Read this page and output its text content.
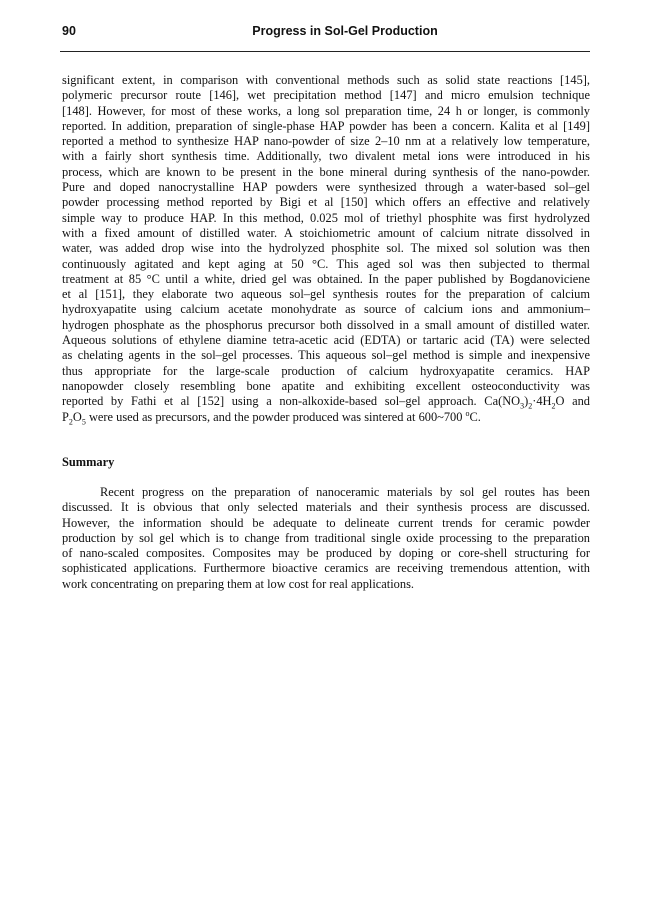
90	Progress in Sol-Gel Production
significant extent, in comparison with conventional methods such as solid state reactions [145],
polymeric precursor route [146], wet precipitation method [147] and micro emulsion technique
[148]. However, for most of these works, a long sol preparation time, 24 h or longer, is commonly
reported. In addition, preparation of single-phase HAP powder has been a concern. Kalita et al [149]
reported a method to synthesize HAP nano-powder of size 2–10 nm at a relatively low temperature,
with a fairly short synthesis time. Additionally, two divalent metal ions were introduced in his
process, which are known to be present in the bone mineral during synthesis of the nano-powder.
Pure and doped nanocrystalline HAP powders were synthesized through a water-based sol–gel
powder processing method reported by Bigi et al [150] which offers an effective and relatively
simple way to produce HAP. In this method, 0.025 mol of triethyl phosphite was first hydrolyzed
with a fixed amount of distilled water. A stoichiometric amount of calcium nitrate dissolved in
water, was added drop wise into the hydrolyzed phosphite sol. The mixed sol solution was then
continuously agitated and kept aging at 50 °C. This aged sol was then subjected to thermal
treatment at 85 °C until a white, dried gel was obtained. In the paper published by Bogdanoviciene
et al [151], they elaborate two aqueous sol–gel synthesis routes for the preparation of calcium
hydroxyapatite using calcium acetate monohydrate as source of calcium ions and ammonium–
hydrogen phosphate as the phosphorus precursor both dissolved in a small amount of distilled water.
Aqueous solutions of ethylene diamine tetra-acetic acid (EDTA) or tartaric acid (TA) were selected
as chelating agents in the sol–gel processes. This aqueous sol–gel method is simple and inexpensive
thus appropriate for the large-scale production of calcium hydroxyapatite ceramics. HAP
nanopowder closely resembling bone apatite and exhibiting excellent osteoconductivity was
reported by Fathi et al [152] using a non-alkoxide-based sol–gel approach. $Ca(NO_3)_2\cdot 4H_2O$ and
$P_2O_5$ were used as precursors, and the powder produced was sintered at 600~700 $^o$C.
Summary
Recent progress on the preparation of nanoceramic materials by sol gel routes has been
discussed. It is obvious that only selected materials and their synthesis process are discussed.
However, the information should be adequate to delineate current trends for ceramic powder
production by sol gel which is to change from traditional single oxide processing to the preparation
of nano-scaled composites. Composites may be produced by doping or core-shell structuring for
sophisticated applications. Furthermore bioactive ceramics are receiving tremendous attention, with
work concentrating on preparing them at low cost for real applications.
